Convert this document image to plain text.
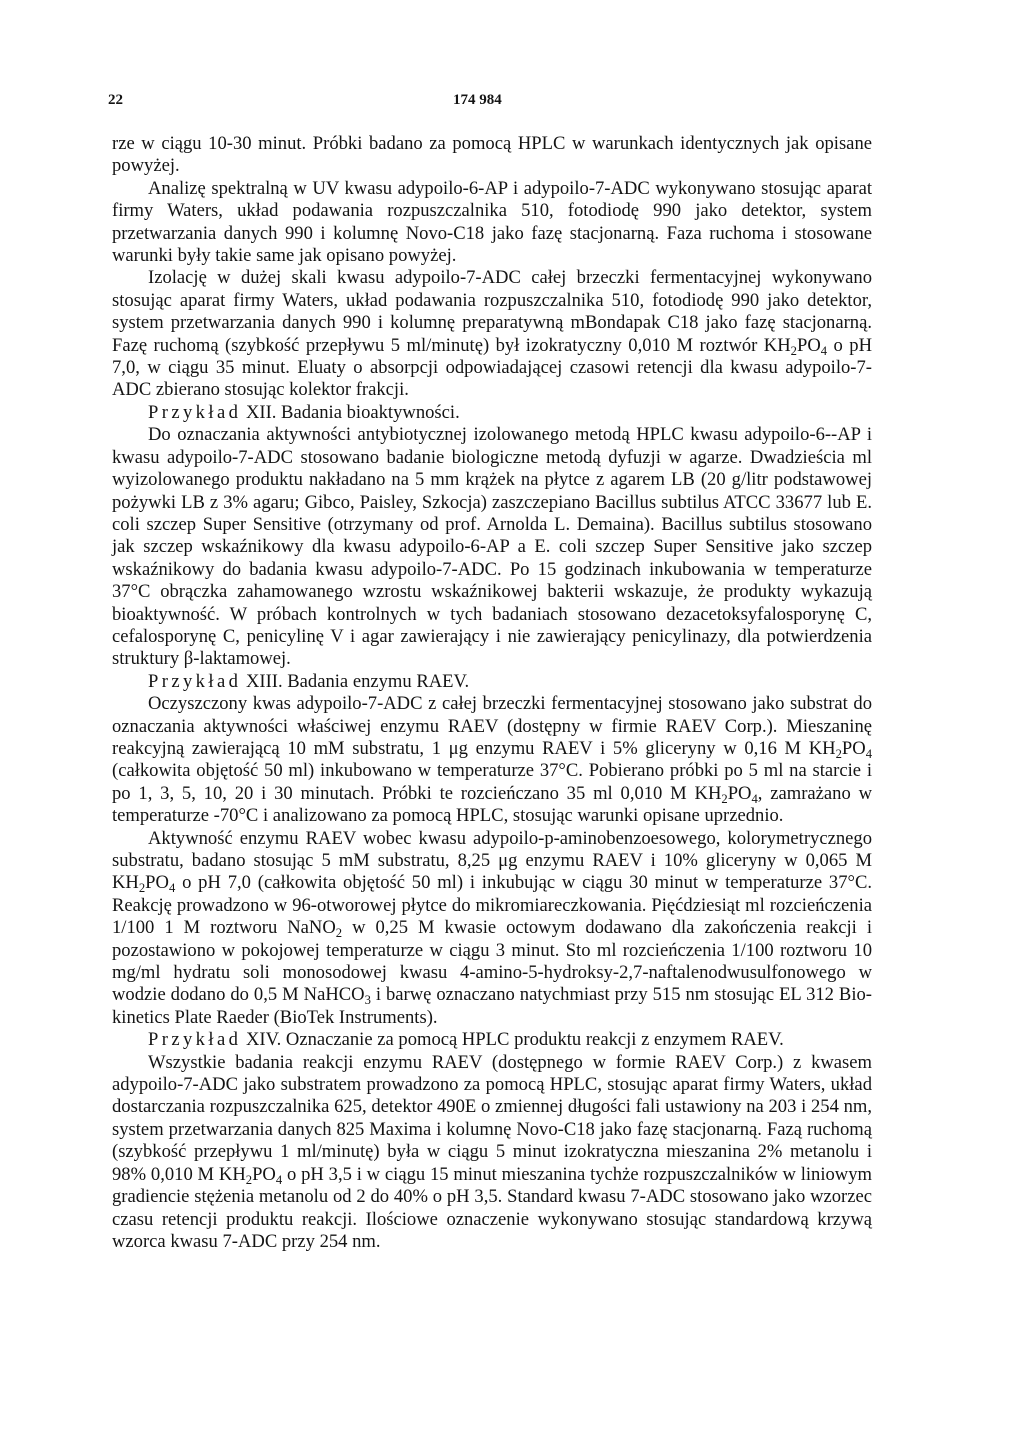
22	174 984

rze w ciągu 10-30 minut. Próbki badano za pomocą HPLC w warunkach identycznych jak opisane powyżej.

Analizę spektralną w UV kwasu adypoilo-6-AP i adypoilo-7-ADC wykonywano stosując aparat firmy Waters, układ podawania rozpuszczalnika 510, fotodiodę 990 jako detektor, system przetwarzania danych 990 i kolumnę Novo-C18 jako fazę stacjonarną. Faza ruchoma i stosowane warunki były takie same jak opisano powyżej.

Izolację w dużej skali kwasu adypoilo-7-ADC całej brzeczki fermentacyjnej wykonywano stosując aparat firmy Waters, układ podawania rozpuszczalnika 510, fotodiodę 990 jako detektor, system przetwarzania danych 990 i kolumnę preparatywną mBondapak C18 jako fazę stacjonarną. Fazę ruchomą (szybkość przepływu 5 ml/minutę) był izokratyczny 0,010 M roztwór $KH_2PO_4$ o pH 7,0, w ciągu 35 minut. Eluaty o absorpcji odpowiadającej czasowi retencji dla kwasu adypoilo-7-ADC zbierano stosując kolektor frakcji.

Przykład XII. Badania bioaktywności.

Do oznaczania aktywności antybiotycznej izolowanego metodą HPLC kwasu adypoilo-6--AP i kwasu adypoilo-7-ADC stosowano badanie biologiczne metodą dyfuzji w agarze. Dwadzieścia ml wyizolowanego produktu nakładano na 5 mm krążek na płytce z agarem LB (20 g/litr podstawowej pożywki LB z 3% agaru; Gibco, Paisley, Szkocja) zaszczepiano Bacillus subtilus ATCC 33677 lub E. coli szczep Super Sensitive (otrzymany od prof. Arnolda L. Demaina). Bacillus subtilus stosowano jak szczep wskaźnikowy dla kwasu adypoilo-6-AP a E. coli szczep Super Sensitive jako szczep wskaźnikowy do badania kwasu adypoilo-7-ADC. Po 15 godzinach inkubowania w temperaturze 37°C obrączka zahamowanego wzrostu wskaźnikowej bakterii wskazuje, że produkty wykazują bioaktywność. W próbach kontrolnych w tych badaniach stosowano dezacetoksyfalosporynę C, cefalosporynę C, penicylinę V i agar zawierający i nie zawierający penicylinazy, dla potwierdzenia struktury β-laktamowej.

Przykład XIII. Badania enzymu RAEV.

Oczyszczony kwas adypoilo-7-ADC z całej brzeczki fermentacyjnej stosowano jako substrat do oznaczania aktywności właściwej enzymu RAEV (dostępny w firmie RAEV Corp.). Mieszaninę reakcyjną zawierającą 10 mM substratu, 1 μg enzymu RAEV i 5% gliceryny w 0,16 M $KH_2PO_4$ (całkowita objętość 50 ml) inkubowano w temperaturze 37°C. Pobierano próbki po 5 ml na starcie i po 1, 3, 5, 10, 20 i 30 minutach. Próbki te rozcieńczano 35 ml 0,010 M $KH_2PO_4$, zamrażano w temperaturze -70°C i analizowano za pomocą HPLC, stosując warunki opisane uprzednio.

Aktywność enzymu RAEV wobec kwasu adypoilo-p-aminobenzoesowego, kolorymetrycznego substratu, badano stosując 5 mM substratu, 8,25 μg enzymu RAEV i 10% gliceryny w 0,065 M $KH_2PO_4$ o pH 7,0 (całkowita objętość 50 ml) i inkubując w ciągu 30 minut w temperaturze 37°C. Reakcję prowadzono w 96-otworowej płytce do mikromiareczkowania. Pięćdziesiąt ml rozcieńczenia 1/100 1 M roztworu NaNO$_2$ w 0,25 M kwasie octowym dodawano dla zakończenia reakcji i pozostawiono w pokojowej temperaturze w ciągu 3 minut. Sto ml rozcieńczenia 1/100 roztworu 10 mg/ml hydratu soli monosodowej kwasu 4-amino-5-hydroksy-2,7-naftalenodwusulfonowego w wodzie dodano do 0,5 M NaHCO$_3$ i barwę oznaczano natychmiast przy 515 nm stosując EL 312 Bio-kinetics Plate Raeder (BioTek Instruments).

Przykład XIV. Oznaczanie za pomocą HPLC produktu reakcji z enzymem RAEV.

Wszystkie badania reakcji enzymu RAEV (dostępnego w formie RAEV Corp.) z kwasem adypoilo-7-ADC jako substratem prowadzono za pomocą HPLC, stosując aparat firmy Waters, układ dostarczania rozpuszczalnika 625, detektor 490E o zmiennej długości fali ustawiony na 203 i 254 nm, system przetwarzania danych 825 Maxima i kolumnę Novo-C18 jako fazę stacjonarną. Fazą ruchomą (szybkość przepływu 1 ml/minutę) była w ciągu 5 minut izokratyczna mieszanina 2% metanolu i 98% 0,010 M $KH_2PO_4$ o pH 3,5 i w ciągu 15 minut mieszanina tychże rozpuszczalników w liniowym gradiencie stężenia metanolu od 2 do 40% o pH 3,5. Standard kwasu 7-ADC stosowano jako wzorzec czasu retencji produktu reakcji. Ilościowe oznaczenie wykonywano stosując standardową krzywą wzorca kwasu 7-ADC przy 254 nm.
